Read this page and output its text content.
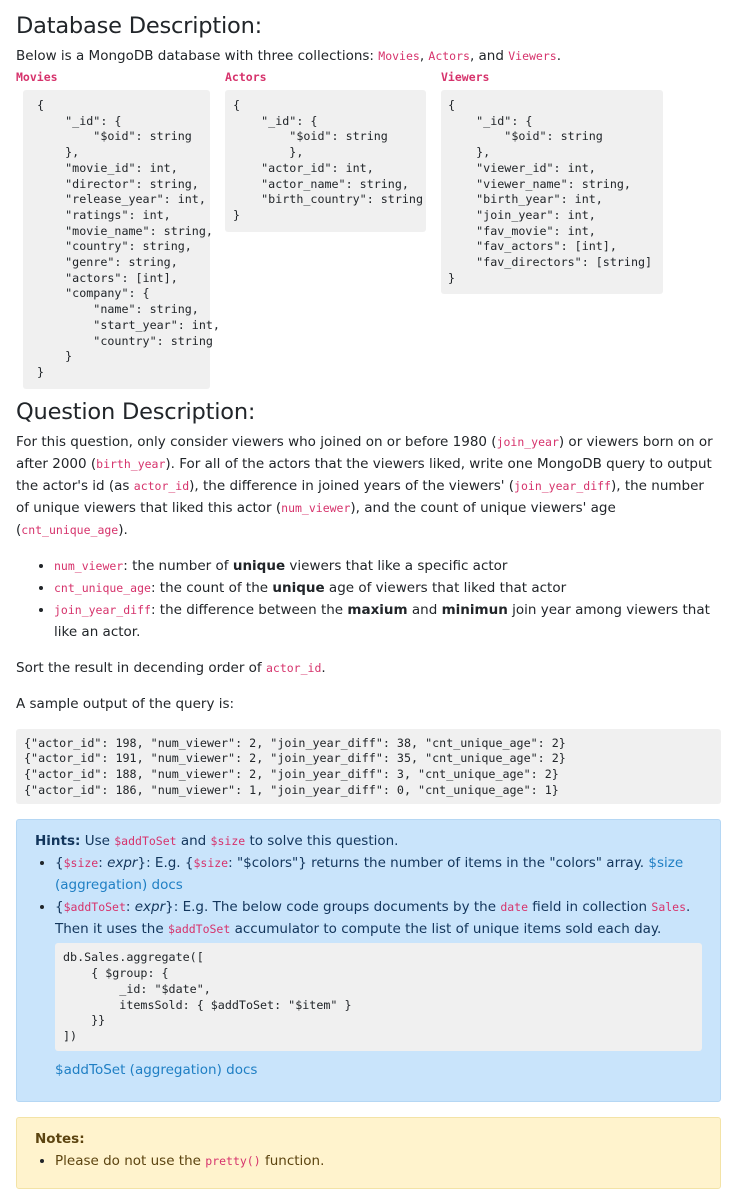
Database Description:

Below is a MongoDB database with three collections: Movies, Actors, and Viewers.

Movies
{
"_id": {
"$oid": string
},
"movie_id": int,
"director": string,
"release_year": int,
"ratings": int,
"movie_name": string,
"country": string,
"genre": string,
"actors": [int],
"company": {
"name": string,
"start_year": int,
"country": string
}
}
Actors
{
"_id": {
"$oid": string
},
"actor_id": int,
"actor_name": string,
"birth_country": string
}
Viewers
{
"_id": {
"$oid": string
},
"viewer_id": int,
"viewer_name": string,
"birth_year": int,
"join_year": int,
"fav_movie": int,
"fav_actors": [int],
"fav_directors": [string]
}
Question Description:

For this question, only consider viewers who joined on or before 1980 (join_year) or viewers born on or after 2000 (birth_year). For all of the actors that the viewers liked, write one MongoDB query to output the actor's id (as actor_id), the difference in joined years of the viewers' (join_year_diff), the number of unique viewers that liked this actor (num_viewer), and the count of unique viewers' age (cnt_unique_age).

• num_viewer: the number of unique viewers that like a specific actor
• cnt_unique_age: the count of the unique age of viewers that liked that actor
• join_year_diff: the difference between the maxium and minimun join year among viewers that like an actor.

Sort the result in decending order of actor_id.

A sample output of the query is:

{"actor_id": 198, "num_viewer": 2, "join_year_diff": 38, "cnt_unique_age": 2}
{"actor_id": 191, "num_viewer": 2, "join_year_diff": 35, "cnt_unique_age": 2}
{"actor_id": 188, "num_viewer": 2, "join_year_diff": 3, "cnt_unique_age": 2}
{"actor_id": 186, "num_viewer": 1, "join_year_diff": 0, "cnt_unique_age": 1}

Hints: Use $addToSet and $size to solve this question.

• {$size: expr}: E.g. {$size: "$colors"} returns the number of items in the "colors" array. $size (aggregation) docs
• {$addToSet: expr}: E.g. The below code groups documents by the date field in collection Sales. Then it uses the $addToSet accumulator to compute the list of unique items sold each day.
db.Sales.aggregate([
{ $group: {
_id: "$date",
itemsSold: { $addToSet: "$item" }
}}
])
$addToSet (aggregation) docs

Notes:

• Please do not use the pretty() function.
